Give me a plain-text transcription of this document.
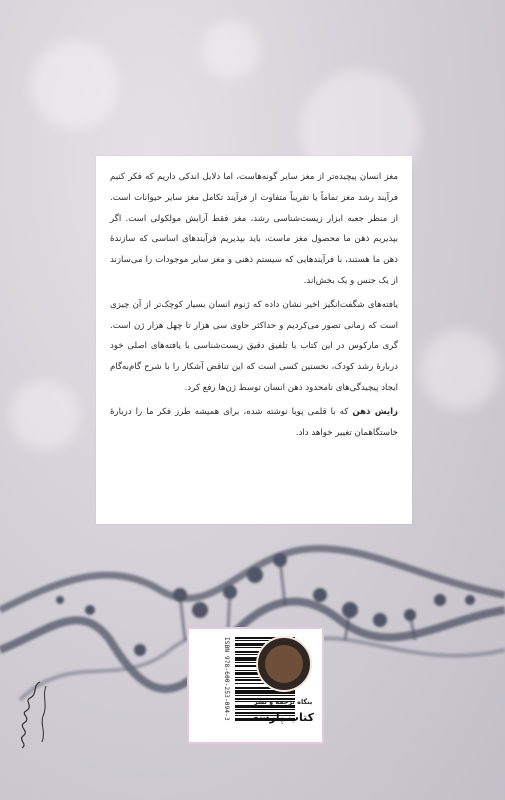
مغز انسان پیچیده‌تر از مغز سایر گونه‌هاست، اما دلایل اندکی داریم که فکر کنیم فرآیند رشد مغز تماماً یا تقریباً متفاوت از فرآیند تکامل مغز سایر حیوانات است. از منظر جعبه ابزار زیست‌شناسی رشد، مغز فقط آرایش مولکولی است. اگر بپذیریم ذهن ما محصول مغز ماست، باید بپذیریم فرآیندهای اساسی که سازندهٔ ذهن ما هستند، با فرآیندهایی که سیستم ذهنی و مغز سایر موجودات را می‌سازند از یک جنس و یک بخش‌اند.

یافته‌های شگفت‌انگیز اخیر نشان داده که ژنوم انسان بسیار کوچک‌تر از آن چیزی است که زمانی تصور می‌کردیم و حداکثر حاوی سی هزار تا چهل هزار ژن است. گری مارکوس در این کتاب با تلفیق دقیق زیست‌شناسی با یافته‌های اصلی خود دربارهٔ رشد کودک، نخستین کسی است که این تناقض آشکار را با شرح گام‌به‌گام ایجاد پیچیدگی‌های نامحدود ذهن انسان توسط ژن‌ها رفع کرد.

زایش ذهن که با قلمی پویا نوشته شده، برای همیشه طرز فکر ما را دربارهٔ خاستگاهمان تغییر خواهد داد.

ISBN 978-600-253-094-3	بنگاه ترجمه و نشر
کتاب پارسه
